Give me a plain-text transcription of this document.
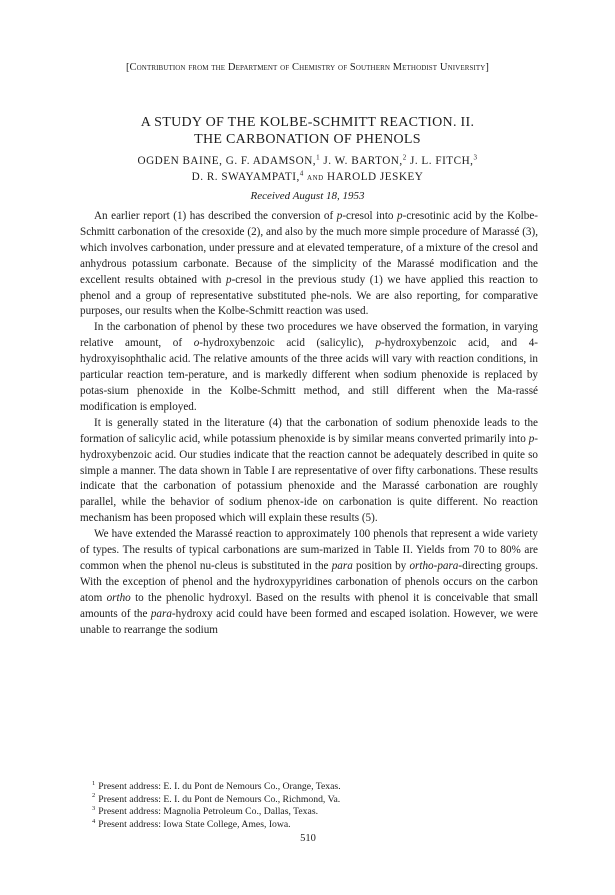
[Contribution from the Department of Chemistry of Southern Methodist University]
A STUDY OF THE KOLBE-SCHMITT REACTION. II.
THE CARBONATION OF PHENOLS
OGDEN BAINE, G. F. ADAMSON,$^1$ J. W. BARTON,$^2$ J. L. FITCH,$^3$
D. R. SWAYAMPATI,$^4$ and HAROLD JESKEY
Received August 18, 1953

An earlier report (1) has described the conversion of p-cresol into p-cresotinic acid by the Kolbe-Schmitt carbonation of the cresoxide (2), and also by the much more simple procedure of Marassé (3), which involves carbonation, under pressure and at elevated temperature, of a mixture of the cresol and anhydrous potassium carbonate. Because of the simplicity of the Marassé modification and the excellent results obtained with p-cresol in the previous study (1) we have applied this reaction to phenol and a group of representative substituted phe-nols. We are also reporting, for comparative purposes, our results when the Kolbe-Schmitt reaction was used.

In the carbonation of phenol by these two procedures we have observed the formation, in varying relative amount, of o-hydroxybenzoic acid (salicylic), p-hydroxybenzoic acid, and 4-hydroxyisophthalic acid. The relative amounts of the three acids will vary with reaction conditions, in particular reaction tem-perature, and is markedly different when sodium phenoxide is replaced by potas-sium phenoxide in the Kolbe-Schmitt method, and still different when the Ma-rassé modification is employed.

It is generally stated in the literature (4) that the carbonation of sodium phenoxide leads to the formation of salicylic acid, while potassium phenoxide is by similar means converted primarily into p-hydroxybenzoic acid. Our studies indicate that the reaction cannot be adequately described in quite so simple a manner. The data shown in Table I are representative of over fifty carbonations. These results indicate that the carbonation of potassium phenoxide and the Marassé carbonation are roughly parallel, while the behavior of sodium phenox-ide on carbonation is quite different. No reaction mechanism has been proposed which will explain these results (5).

We have extended the Marassé reaction to approximately 100 phenols that represent a wide variety of types. The results of typical carbonations are sum-marized in Table II. Yields from 70 to 80% are common when the phenol nu-cleus is substituted in the para position by ortho-para-directing groups. With the exception of phenol and the hydroxypyridines carbonation of phenols occurs on the carbon atom ortho to the phenolic hydroxyl. Based on the results with phenol it is conceivable that small amounts of the para-hydroxy acid could have been formed and escaped isolation. However, we were unable to rearrange the sodium

$^1$ Present address: E. I. du Pont de Nemours Co., Orange, Texas.
$^2$ Present address: E. I. du Pont de Nemours Co., Richmond, Va.
$^3$ Present address: Magnolia Petroleum Co., Dallas, Texas.
$^4$ Present address: Iowa State College, Ames, Iowa.
510
